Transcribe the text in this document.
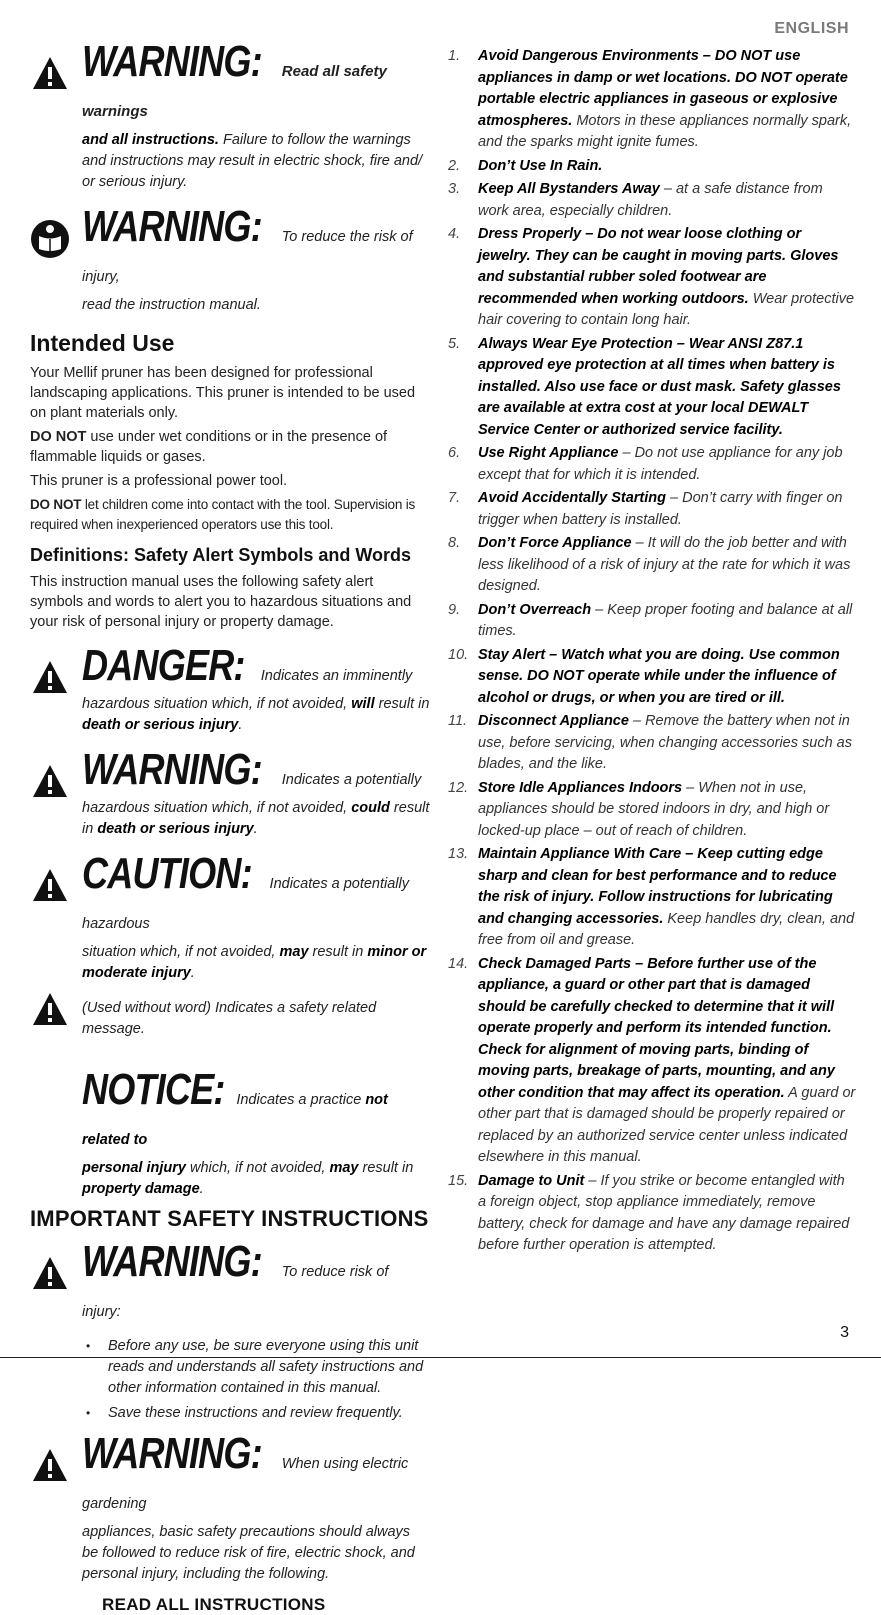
ENGLISH
WARNING: Read all safety warnings
and all instructions. Failure to follow the warnings and instructions may result in electric shock, fire and/ or serious injury.
WARNING: To reduce the risk of injury,
read the instruction manual.
Intended Use

Your Mellif pruner has been designed for professional landscaping applications. This pruner is intended to be used on plant materials only.

DO NOT use under wet conditions or in the presence of flammable liquids or gases.

This pruner is a professional power tool.

DO NOT let children come into contact with the tool. Supervision is required when inexperienced operators use this tool.

Definitions: Safety Alert Symbols and Words

This instruction manual uses the following safety alert symbols and words to alert you to hazardous situations and your risk of personal injury or property damage.

DANGER: Indicates an imminently
hazardous situation which, if not avoided, will result in death or serious injury.
WARNING: Indicates a potentially
hazardous situation which, if not avoided, could result in death or serious injury.
CAUTION: Indicates a potentially hazardous
situation which, if not avoided, may result in minor or moderate injury.
(Used without word) Indicates a safety related message.
NOTICE: Indicates a practice not related to
personal injury which, if not avoided, may result in property damage.
IMPORTANT SAFETY INSTRUCTIONS
WARNING: To reduce risk of injury:
• Before any use, be sure everyone using this unit reads and understands all safety instructions and other information contained in this manual.
• Save these instructions and review frequently.
WARNING: When using electric gardening
appliances, basic safety precautions should always be followed to reduce risk of fire, electric shock, and personal injury, including the following.
READ ALL INSTRUCTIONS
1. Avoid Dangerous Environments – DO NOT use appliances in damp or wet locations. DO NOT operate portable electric appliances in gaseous or explosive atmospheres. Motors in these appliances normally spark, and the sparks might ignite fumes.
2. Don’t Use In Rain.
3. Keep All Bystanders Away – at a safe distance from work area, especially children.
4. Dress Properly – Do not wear loose clothing or jewelry. They can be caught in moving parts. Gloves and substantial rubber soled footwear are recommended when working outdoors. Wear protective hair covering to contain long hair.
5. Always Wear Eye Protection – Wear ANSI Z87.1 approved eye protection at all times when battery is installed. Also use face or dust mask. Safety glasses are available at extra cost at your local DEWALT Service Center or authorized service facility.
6. Use Right Appliance – Do not use appliance for any job except that for which it is intended.
7. Avoid Accidentally Starting – Don’t carry with finger on trigger when battery is installed.
8. Don’t Force Appliance – It will do the job better and with less likelihood of a risk of injury at the rate for which it was designed.
9. Don’t Overreach – Keep proper footing and balance at all times.
10. Stay Alert – Watch what you are doing. Use common sense. DO NOT operate while under the influence of alcohol or drugs, or when you are tired or ill.
11. Disconnect Appliance – Remove the battery when not in use, before servicing, when changing accessories such as blades, and the like.
12. Store Idle Appliances Indoors – When not in use, appliances should be stored indoors in dry, and high or locked-up place – out of reach of children.
13. Maintain Appliance With Care – Keep cutting edge sharp and clean for best performance and to reduce the risk of injury. Follow instructions for lubricating and changing accessories. Keep handles dry, clean, and free from oil and grease.
14. Check Damaged Parts – Before further use of the appliance, a guard or other part that is damaged should be carefully checked to determine that it will operate properly and perform its intended function. Check for alignment of moving parts, binding of moving parts, breakage of parts, mounting, and any other condition that may affect its operation. A guard or other part that is damaged should be properly repaired or replaced by an authorized service center unless indicated elsewhere in this manual.
15. Damage to Unit – If you strike or become entangled with a foreign object, stop appliance immediately, remove battery, check for damage and have any damage repaired before further operation is attempted.
3
